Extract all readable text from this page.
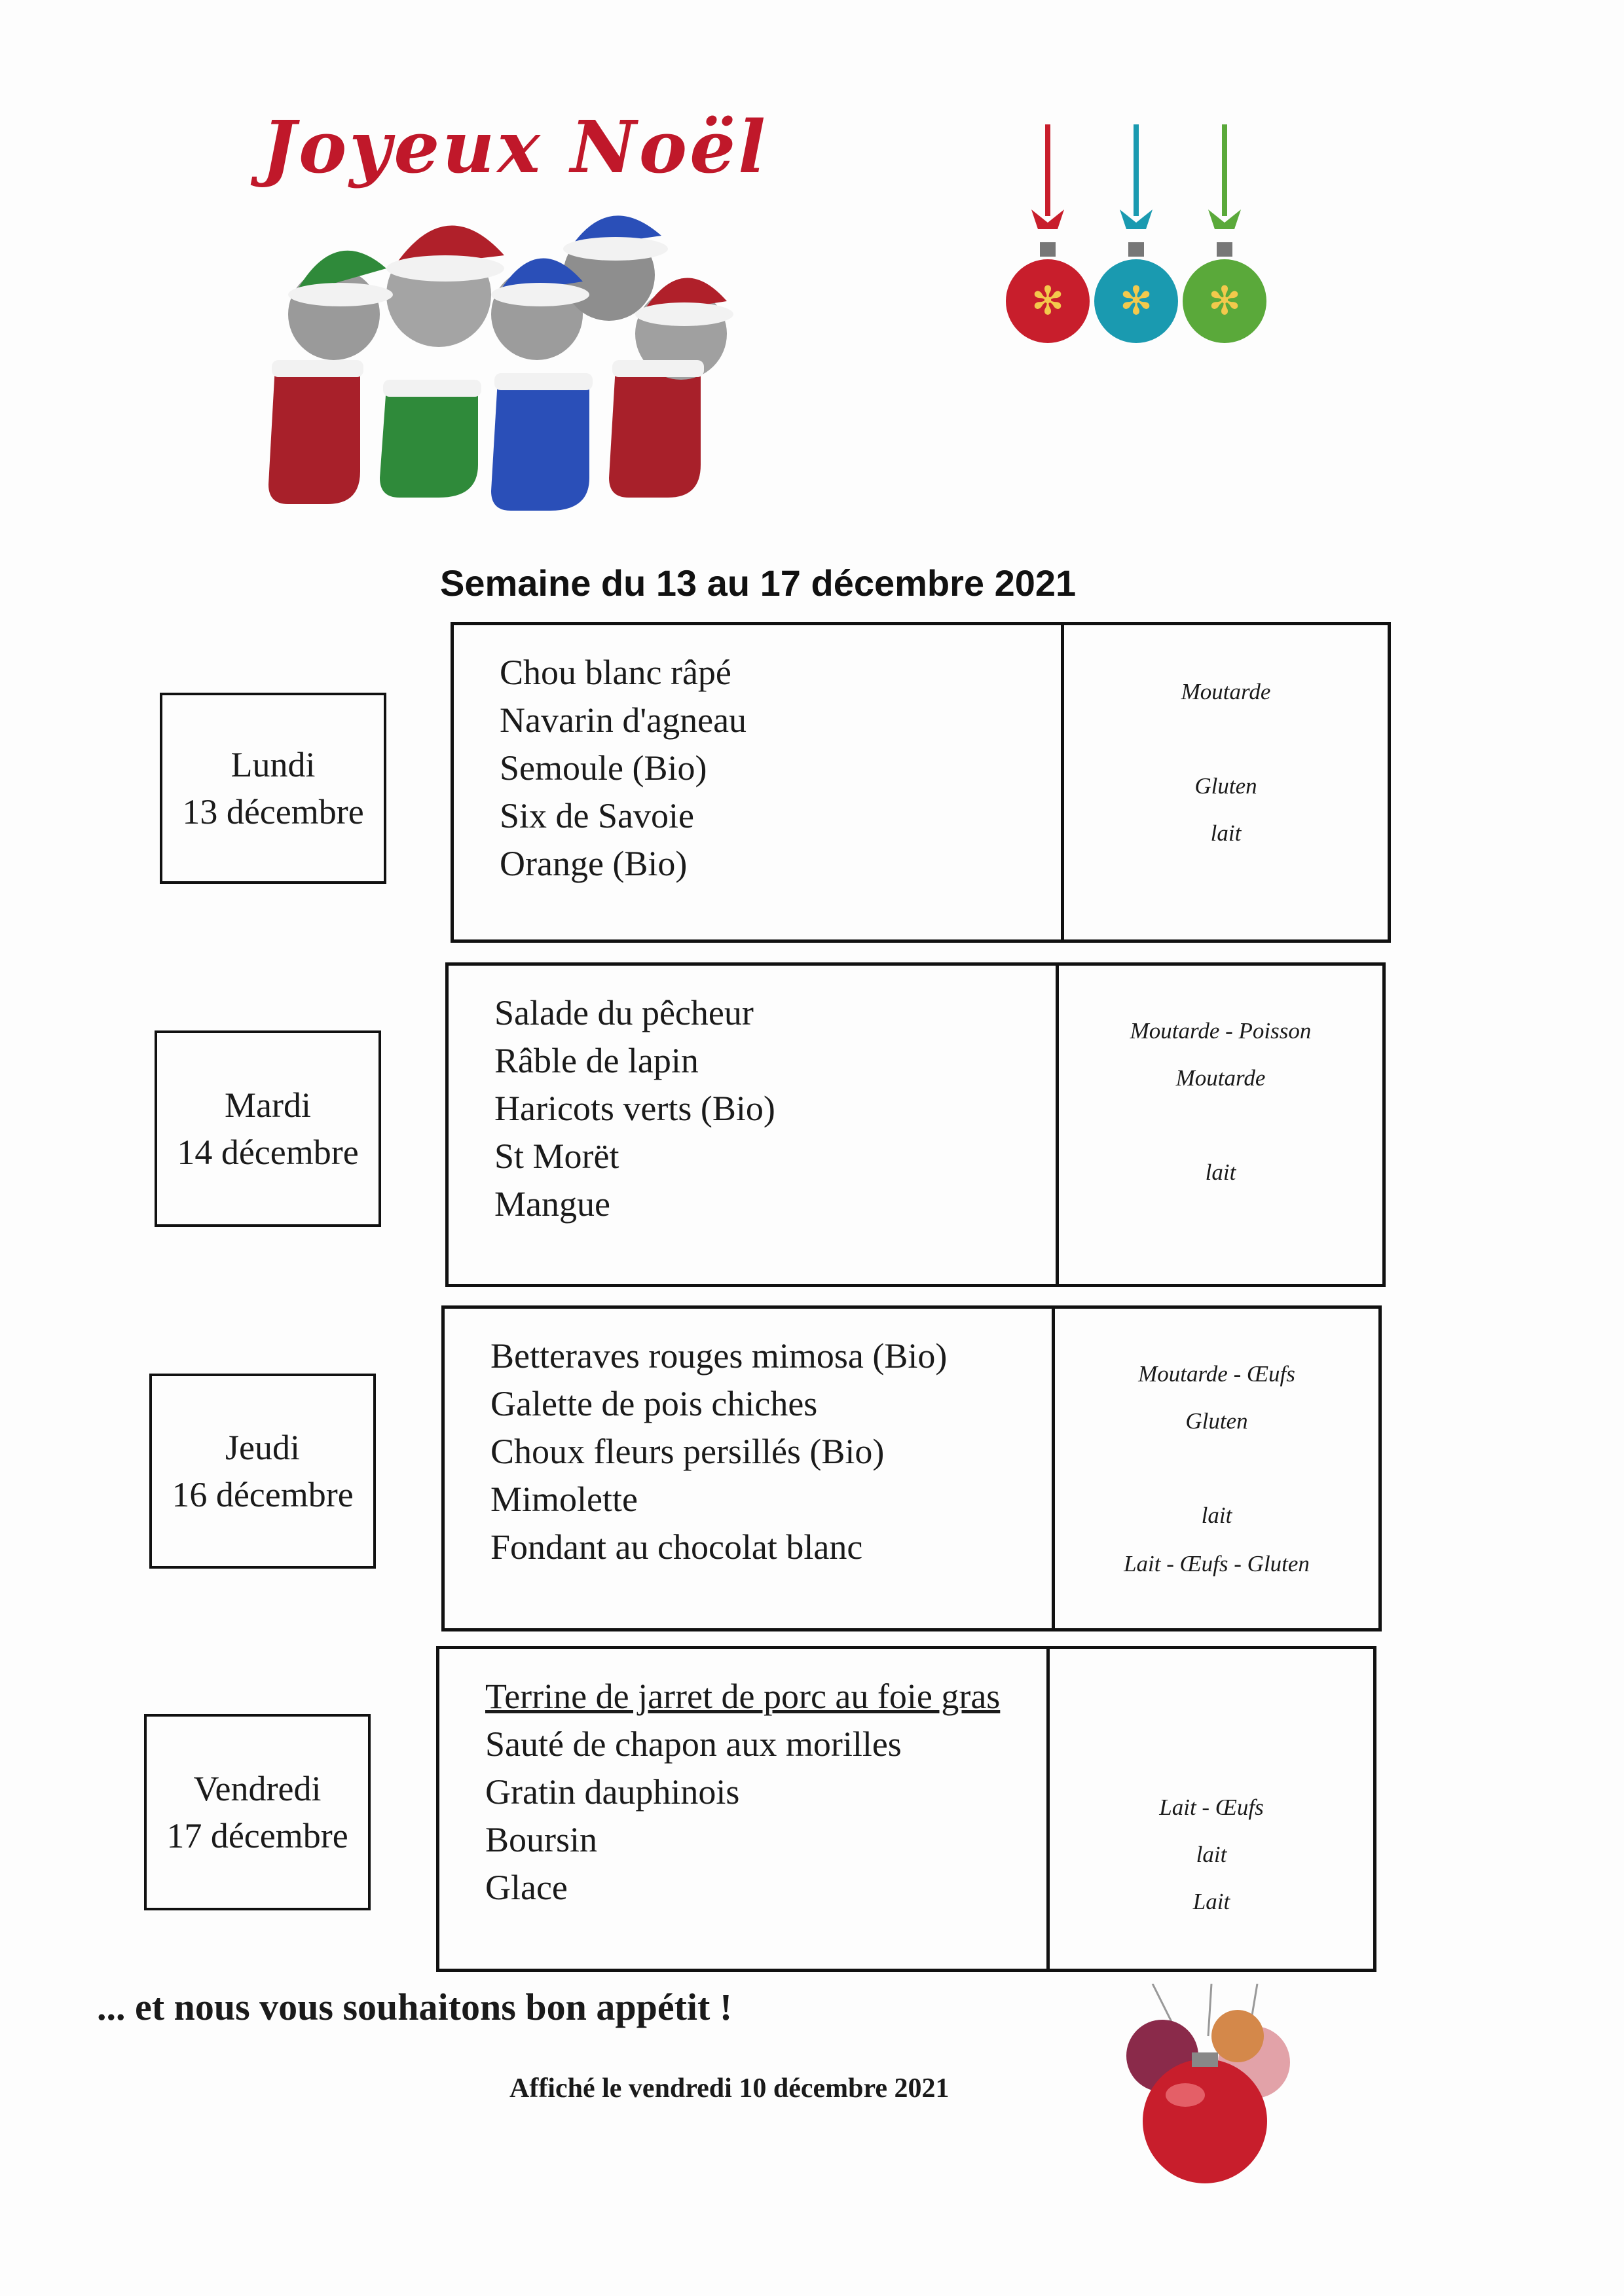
Joyeux Noël
✻ ✻ ✻
Semaine du 13 au 17 décembre 2021
Lundi
13 décembre
Chou blanc râpé
Navarin d'agneau
Semoule (Bio)
Six de Savoie
Orange (Bio)
Moutarde
Gluten
lait
Mardi
14 décembre
Salade du pêcheur
Râble de lapin
Haricots verts (Bio)
St Morët
Mangue
Moutarde - Poisson
Moutarde
lait
Jeudi
16 décembre
Betteraves rouges mimosa (Bio)
Galette de pois chiches
Choux fleurs persillés (Bio)
Mimolette
Fondant au chocolat blanc
Moutarde - Œufs
Gluten
lait
Lait - Œufs - Gluten
Vendredi
17 décembre
Terrine de jarret de porc au foie gras
Sauté de chapon aux morilles
Gratin dauphinois
Boursin
Glace
Lait - Œufs
lait
Lait
... et nous vous souhaitons bon appétit !
Affiché le vendredi 10 décembre 2021
